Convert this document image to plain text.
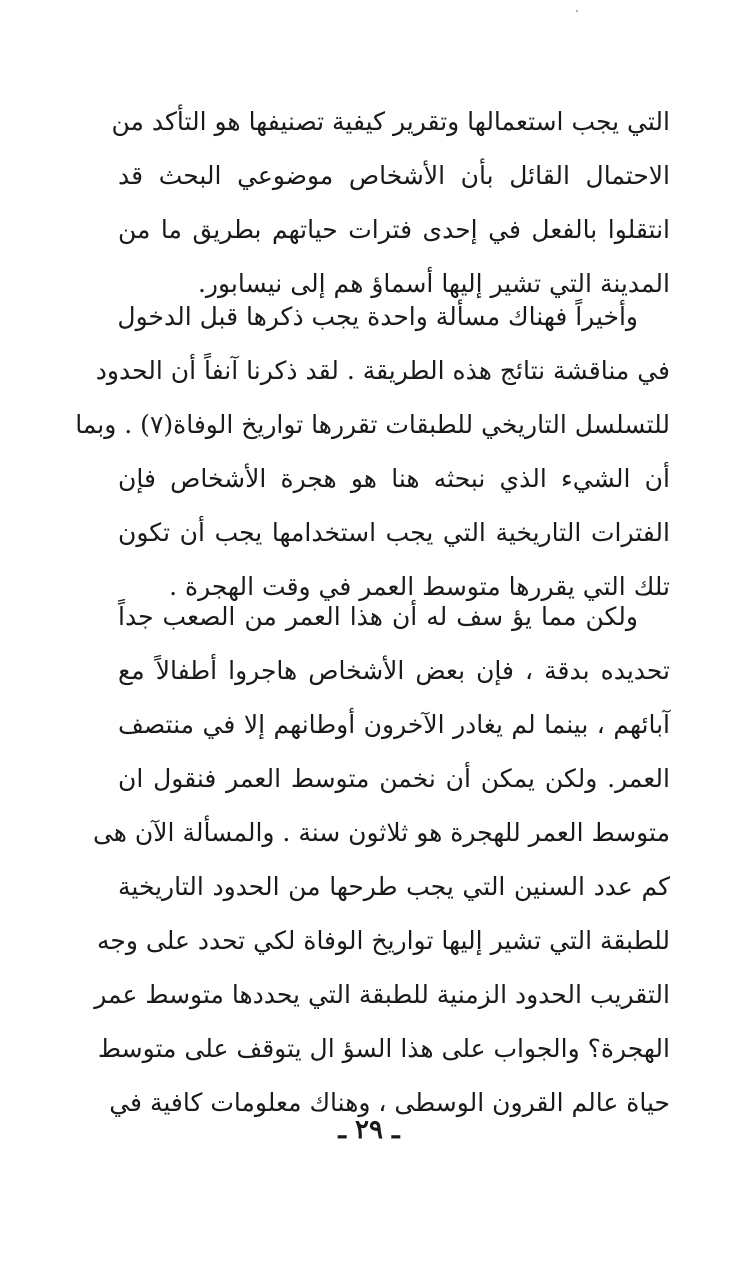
التي يجب استعمالها وتقرير كيفية تصنيفها هو التأكد من
الاحتمال القائل بأن الأشخاص موضوعي البحث قد
انتقلوا بالفعل في إحدى فترات حياتهم بطريق ما من
المدينة التي تشير إليها أسماؤ هم إلى نيسابور.
وأخيراً فهناك مسألة واحدة يجب ذكرها قبل الدخول
في مناقشة نتائج هذه الطريقة . لقد ذكرنا آنفاً أن الحدود
للتسلسل التاريخي للطبقات تقررها تواريخ الوفاة(٧) . وبما
أن الشيء الذي نبحثه هنا هو هجرة الأشخاص فإن
الفترات التاريخية التي يجب استخدامها يجب أن تكون
تلك التي يقررها متوسط العمر في وقت الهجرة .
ولكن مما يؤ سف له أن هذا العمر من الصعب جداً
تحديده بدقة ، فإن بعض الأشخاص هاجروا أطفالاً مع
آبائهم ، بينما لم يغادر الآخرون أوطانهم إلا في منتصف
العمر. ولكن يمكن أن نخمن متوسط العمر فنقول ان
متوسط العمر للهجرة هو ثلاثون سنة . والمسألة الآن هى
كم عدد السنين التي يجب طرحها من الحدود التاريخية
للطبقة التي تشير إليها تواريخ الوفاة لكي تحدد على وجه
التقريب الحدود الزمنية للطبقة التي يحددها متوسط عمر
الهجرة؟ والجواب على هذا السؤ ال يتوقف على متوسط
حياة عالم القرون الوسطى ، وهناك معلومات كافية في
ـ ٢٩ ـ
